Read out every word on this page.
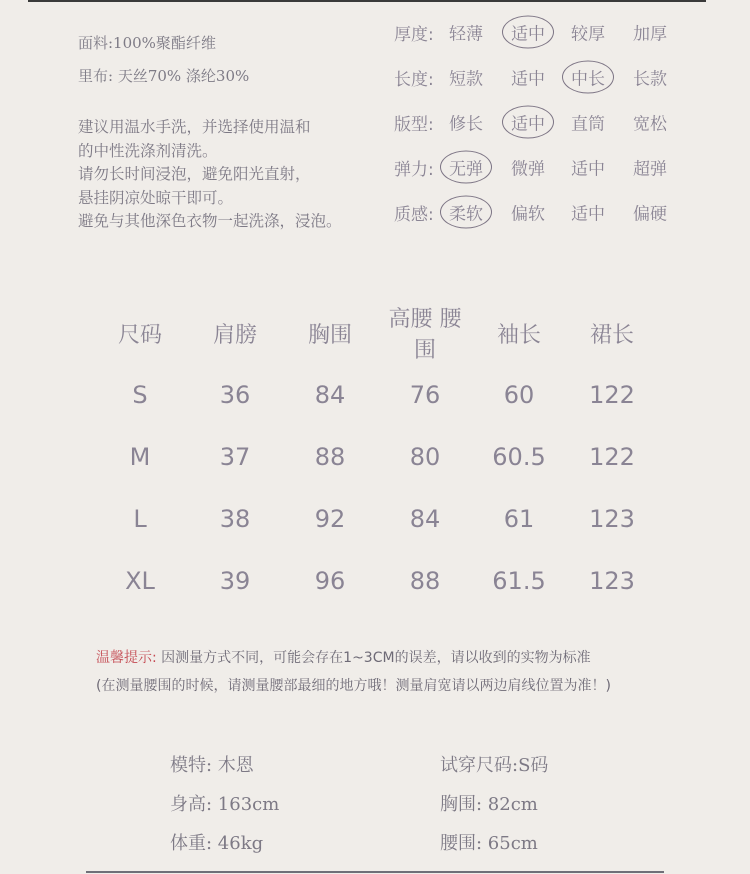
面料:100%聚酯纤维
里布: 天丝70% 涤纶30%
建议用温水手洗，并选择使用温和
的中性洗涤剂清洗。
请勿长时间浸泡，避免阳光直射，
悬挂阴凉处晾干即可。
避免与其他深色衣物一起洗涤，浸泡。
厚度: 轻薄	适中	较厚 加厚
长度: 短款 适中	中长	长款
版型: 修长	适中	直筒 宽松
弹力: 无弹	微弹 适中 超弹
质感: 柔软	偏软 适中 偏硬
尺码	肩膀	胸围	高腰 腰围	袖长	裙长
S	36	84	76	60	122
M	37	88	80	60.5	122
L	38	92	84	61	123
XL	39	96	88	61.5	123
温馨提示: 因测量方式不同，可能会存在1~3CM的误差，请以收到的实物为标准
(在测量腰围的时候，请测量腰部最细的地方哦！测量肩宽请以两边肩线位置为准！)
模特: 木恩
身高: 163cm
体重: 46kg
试穿尺码:S码
胸围: 82cm
腰围: 65cm
